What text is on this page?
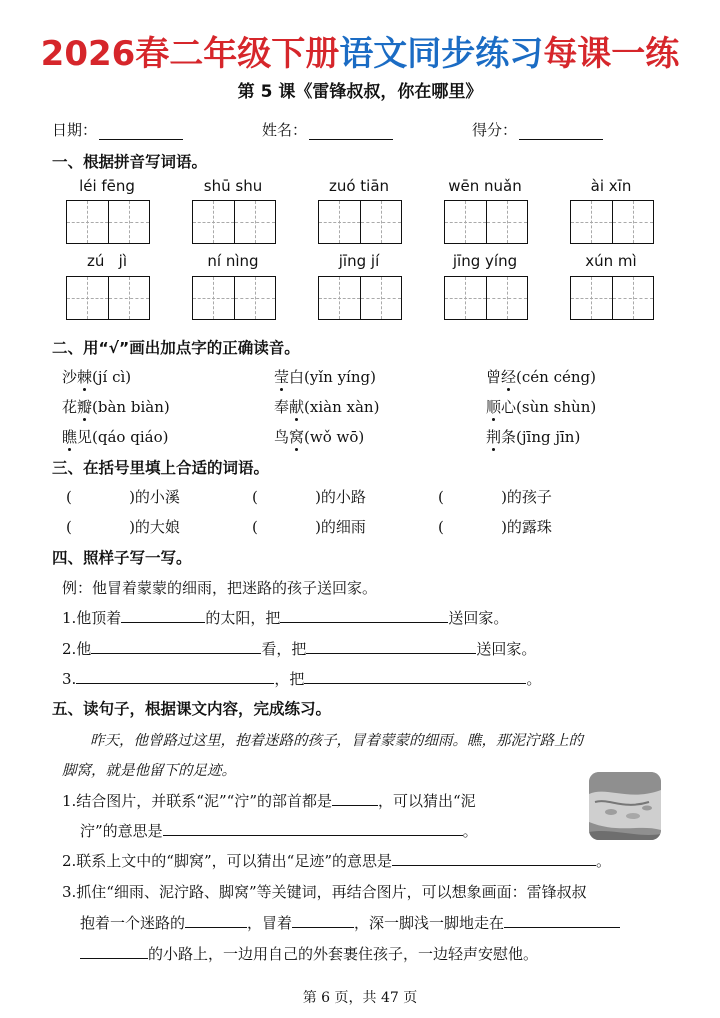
2026春二年级下册语文同步练习每课一练
第 5 课《雷锋叔叔，你在哪里》
日期：	姓名：	得分：
一、根据拼音写词语。
léi fēng	shū shu	zuó tiān	wēn nuǎn	ài xīn
zú   jì	ní nìng	jīng jí	jīng yíng	xún mì
二、用“√”画出加点字的正确读音。
沙棘(jí cì)	莹白(yǐn yíng)	曾经(cén céng)
花瓣(bàn biàn)	奉献(xiàn xàn)	顺心(sùn shùn)
瞧见(qáo qiáo)	鸟窝(wǒ wō)	荆条(jīng jīn)
三、在括号里填上合适的词语。
(            )的小溪	(            )的小路	(            )的孩子
(            )的大娘	(            )的细雨	(            )的露珠
四、照样子写一写。
例：他冒着蒙蒙的细雨，把迷路的孩子送回家。
1.他顶着	的太阳，把	送回家。
2.他	看，把	送回家。
3.	，把	。
五、读句子，根据课文内容，完成练习。
昨天，他曾路过这里，抱着迷路的孩子，冒着蒙蒙的细雨。瞧，那泥泞路上的
脚窝，就是他留下的足迹。
1.结合图片，并联系“泥”“泞”的部首都是	，可以猜出“泥
泞”的意思是	。
2.联系上文中的“脚窝”，可以猜出“足迹”的意思是	。
3.抓住“细雨、泥泞路、脚窝”等关键词，再结合图片，可以想象画面：雷锋叔叔
抱着一个迷路的	，冒着	，深一脚浅一脚地走在
的小路上，一边用自己的外套裹住孩子，一边轻声安慰他。
第 6 页，共 47 页
